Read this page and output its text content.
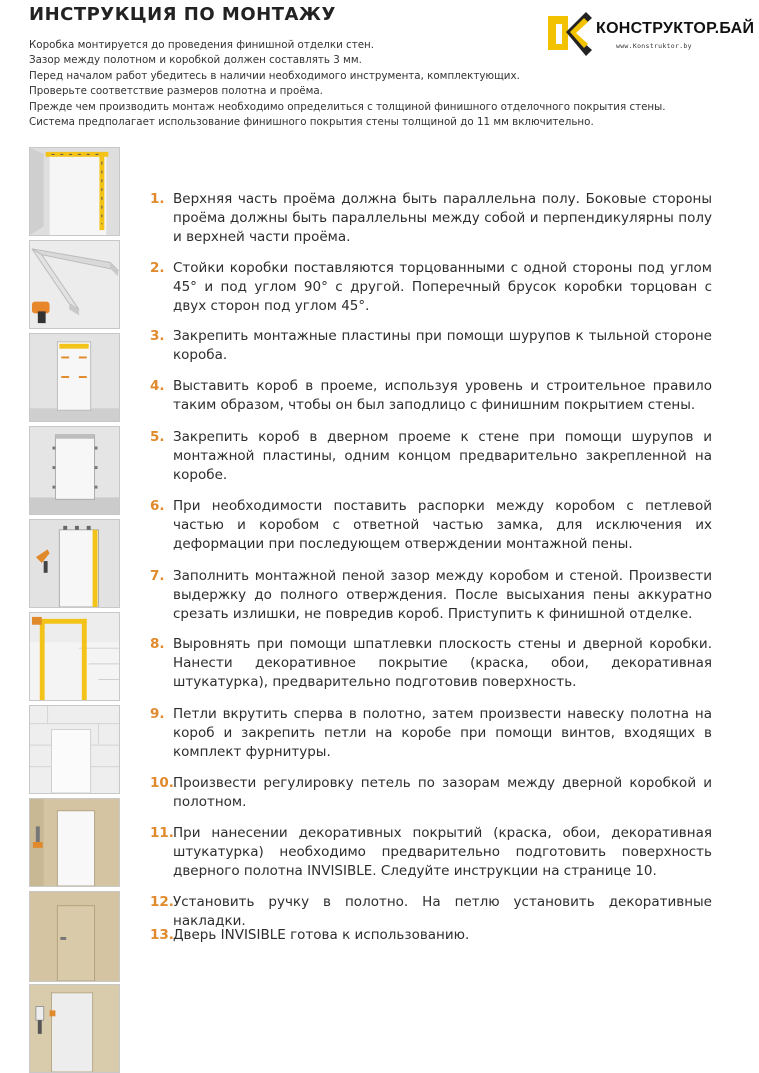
ИНСТРУКЦИЯ ПО МОНТАЖУ
Коробка монтируется до проведения финишной отделки стен.
Зазор между полотном и коробкой должен составлять 3 мм.
Перед началом работ убедитесь в наличии необходимого инструмента, комплектующих.
Проверьте соответствие размеров полотна и проёма.
Прежде чем производить монтаж необходимо определиться с толщиной финишного отделочного покрытия стены.
Система предполагает использование финишного покрытия стены толщиной до 11 мм включительно.
КОНСТРУКТОР.БАЙ
www.Konstruktor.by
1. Верхняя часть проёма должна быть параллельна полу. Боковые стороны проёма должны быть параллельны между собой и перпендикулярны полу и верхней части проёма.
2. Стойки коробки поставляются торцованными с одной стороны под углом 45° и под углом 90° с другой. Поперечный брусок коробки торцован с двух сторон под углом 45°.
3. Закрепить монтажные пластины при помощи шурупов к тыльной стороне короба.
4. Выставить короб в проеме, используя уровень и строительное правило таким образом, чтобы он был заподлицо с финишним покрытием стены.
5. Закрепить короб в дверном проеме к стене при помощи шурупов и монтажной пластины, одним концом предварительно закрепленной на коробе.
6. При необходимости поставить распорки между коробом с петлевой частью и коробом с ответной частью замка, для исключения их деформации при последующем отверждении монтажной пены.
7. Заполнить монтажной пеной зазор между коробом и стеной. Произвести выдержку до полного отверждения. После высыхания пены аккуратно срезать излишки, не повредив короб. Приступить к финишной отделке.
8. Выровнять при помощи шпатлевки плоскость стены и дверной коробки. Нанести декоративное покрытие (краска, обои, декоративная штукатурка), предварительно подготовив поверхность.
9. Петли вкрутить сперва в полотно, затем произвести навеску полотна на короб и закрепить петли на коробе при помощи винтов, входящих в комплект фурнитуры.
10. Произвести регулировку петель по зазорам между дверной коробкой и полотном.
11. При нанесении декоративных покрытий (краска, обои, декоративная штукатурка) необходимо предварительно подготовить поверхность дверного полотна INVISIBLE. Следуйте инструкции на странице 10.
12. Установить ручку в полотно. На петлю установить декоративные накладки.
13. Дверь INVISIBLE готова к использованию.
